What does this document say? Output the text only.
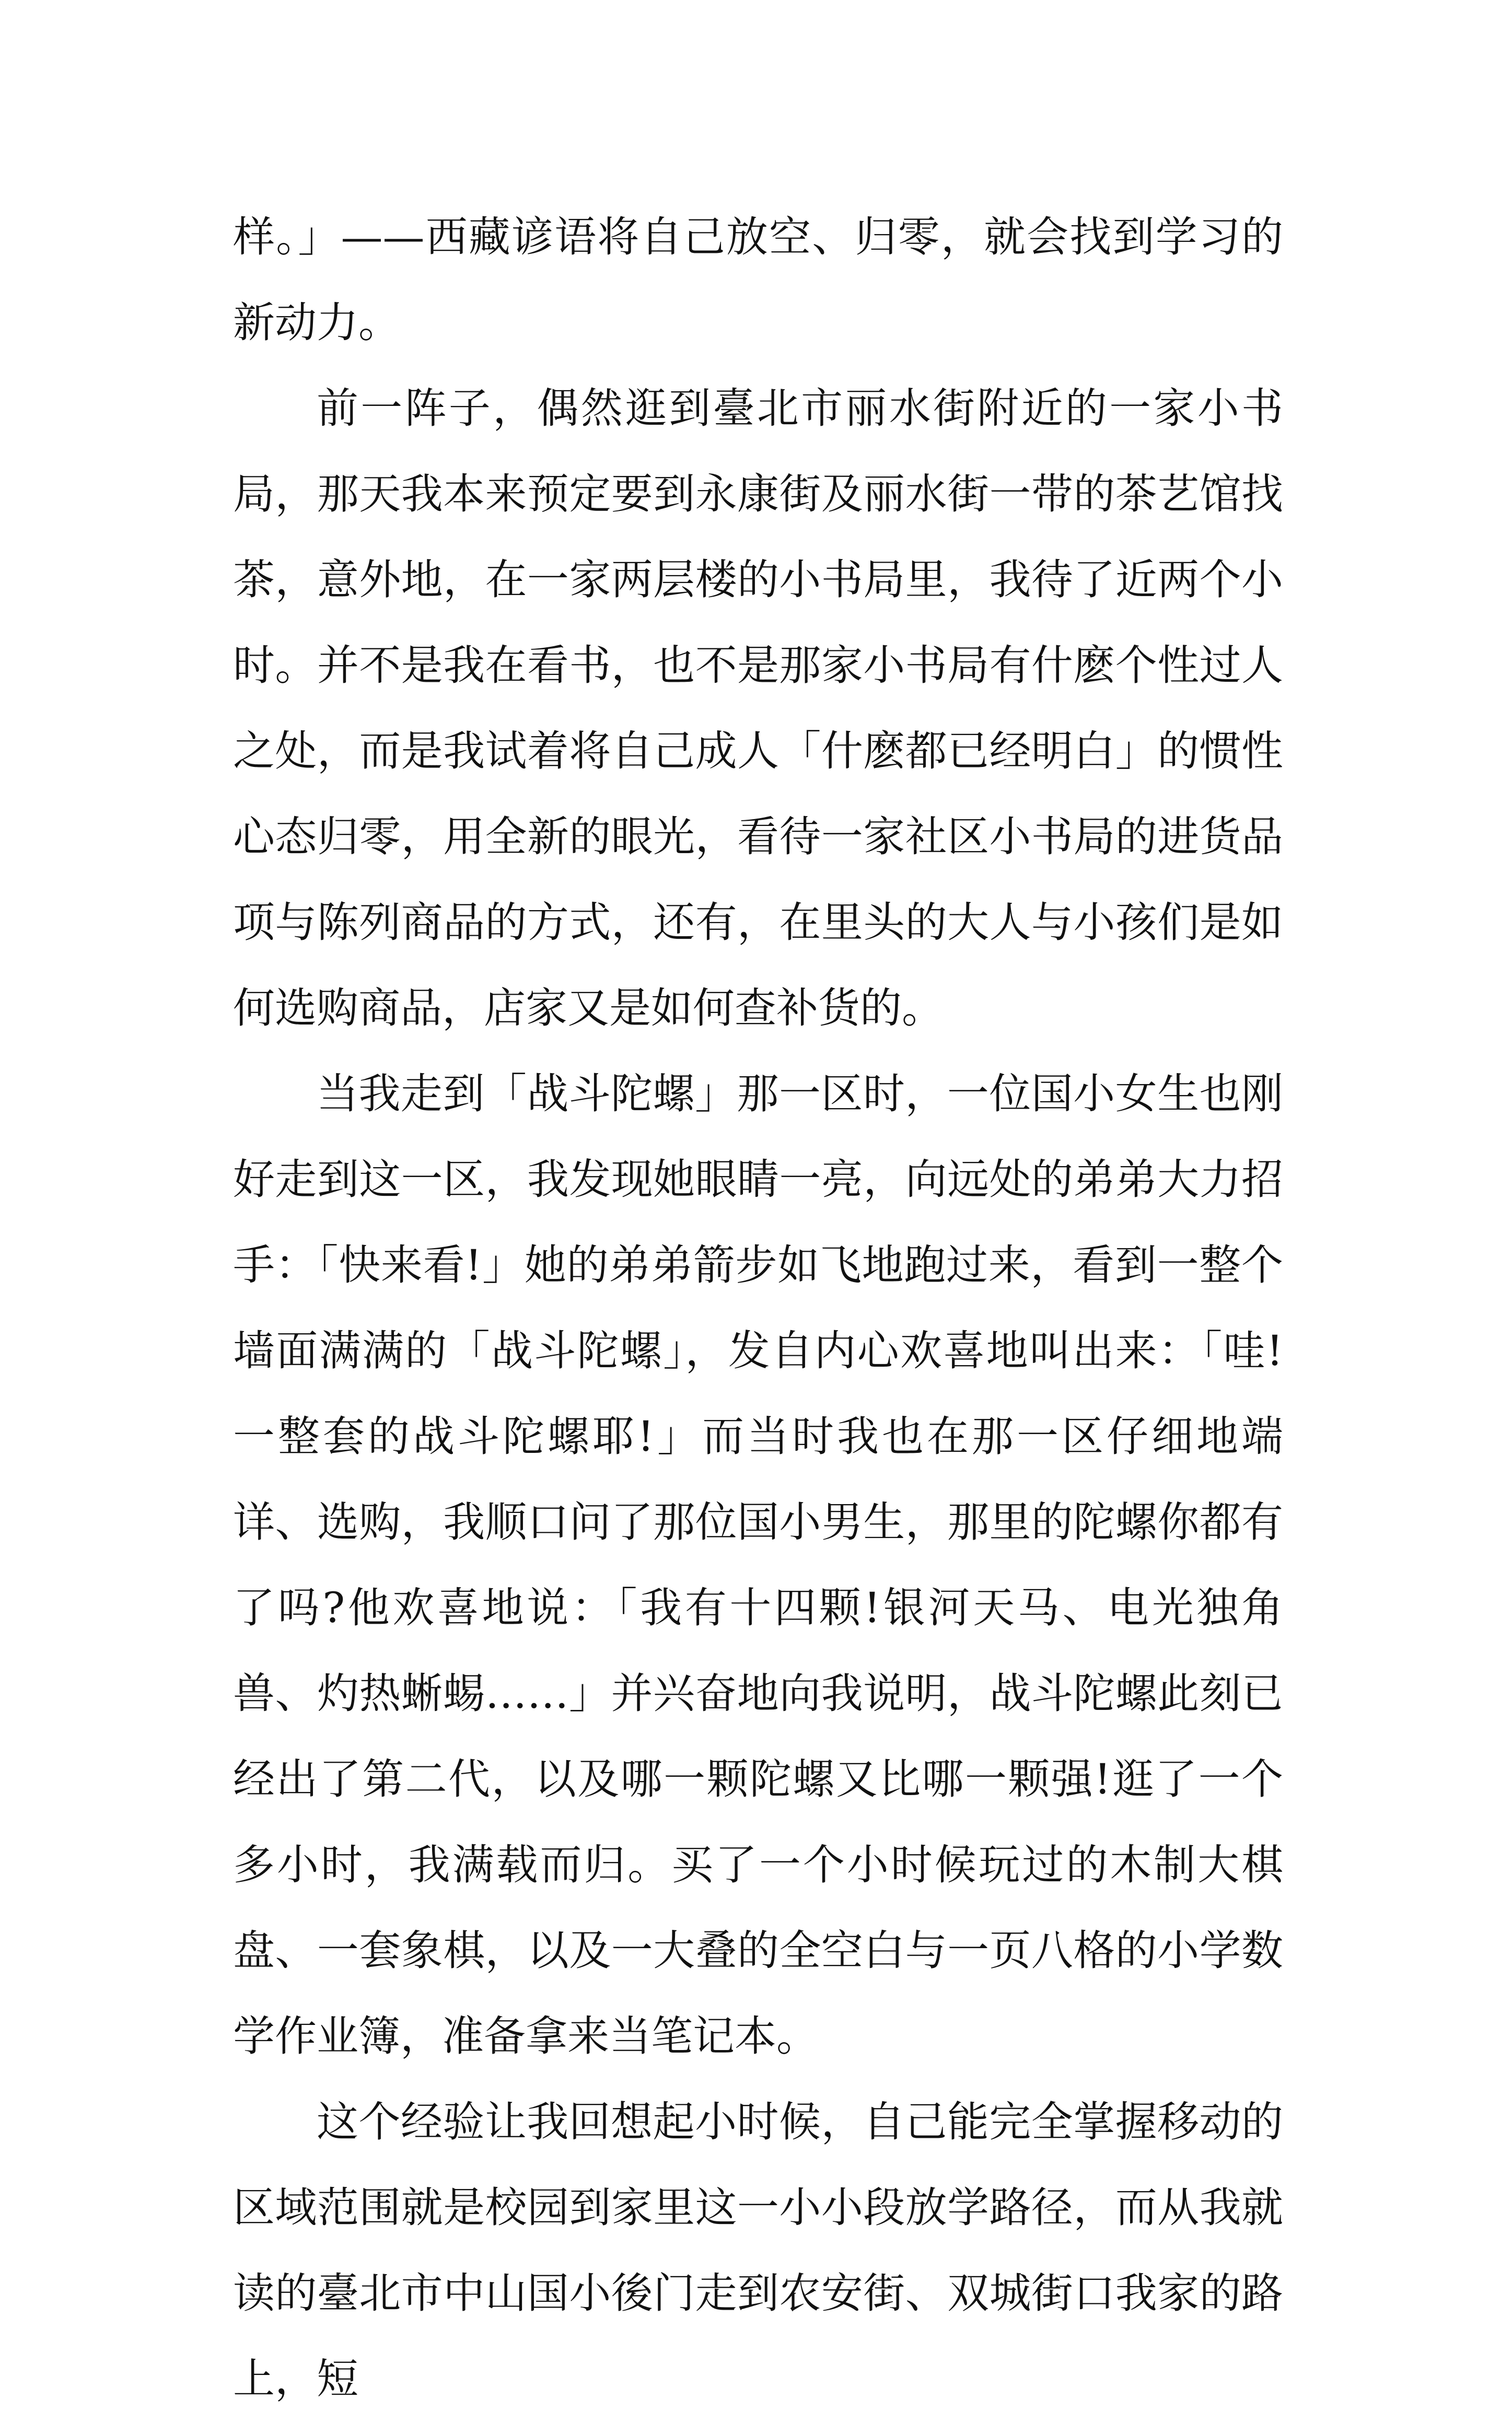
样。」——西藏谚语将自己放空、归零，就会找到学习的新动力。

前一阵子，偶然逛到臺北市丽水街附近的一家小书局，那天我本来预定要到永康街及丽水街一带的茶艺馆找茶，意外地，在一家两层楼的小书局里，我待了近两个小时。并不是我在看书，也不是那家小书局有什麽个性过人之处，而是我试着将自己成人「什麽都已经明白」的惯性心态归零，用全新的眼光，看待一家社区小书局的进货品项与陈列商品的方式，还有，在里头的大人与小孩们是如何选购商品，店家又是如何查补货的。

当我走到「战斗陀螺」那一区时，一位国小女生也刚好走到这一区，我发现她眼睛一亮，向远处的弟弟大力招手：「快来看!」她的弟弟箭步如飞地跑过来，看到一整个墙面满满的「战斗陀螺」，发自内心欢喜地叫出来：「哇!一整套的战斗陀螺耶!」而当时我也在那一区仔细地端详、选购，我顺口问了那位国小男生，那里的陀螺你都有了吗?他欢喜地说：「我有十四颗!银河天马、电光独角兽、灼热蜥蜴……」并兴奋地向我说明，战斗陀螺此刻已经出了第二代，以及哪一颗陀螺又比哪一颗强!逛了一个多小时，我满载而归。买了一个小时候玩过的木制大棋盘、一套象棋，以及一大叠的全空白与一页八格的小学数学作业簿，准备拿来当笔记本。

这个经验让我回想起小时候，自己能完全掌握移动的区域范围就是校园到家里这一小小段放学路径，而从我就读的臺北市中山国小後门走到农安街、双城街口我家的路上，短
